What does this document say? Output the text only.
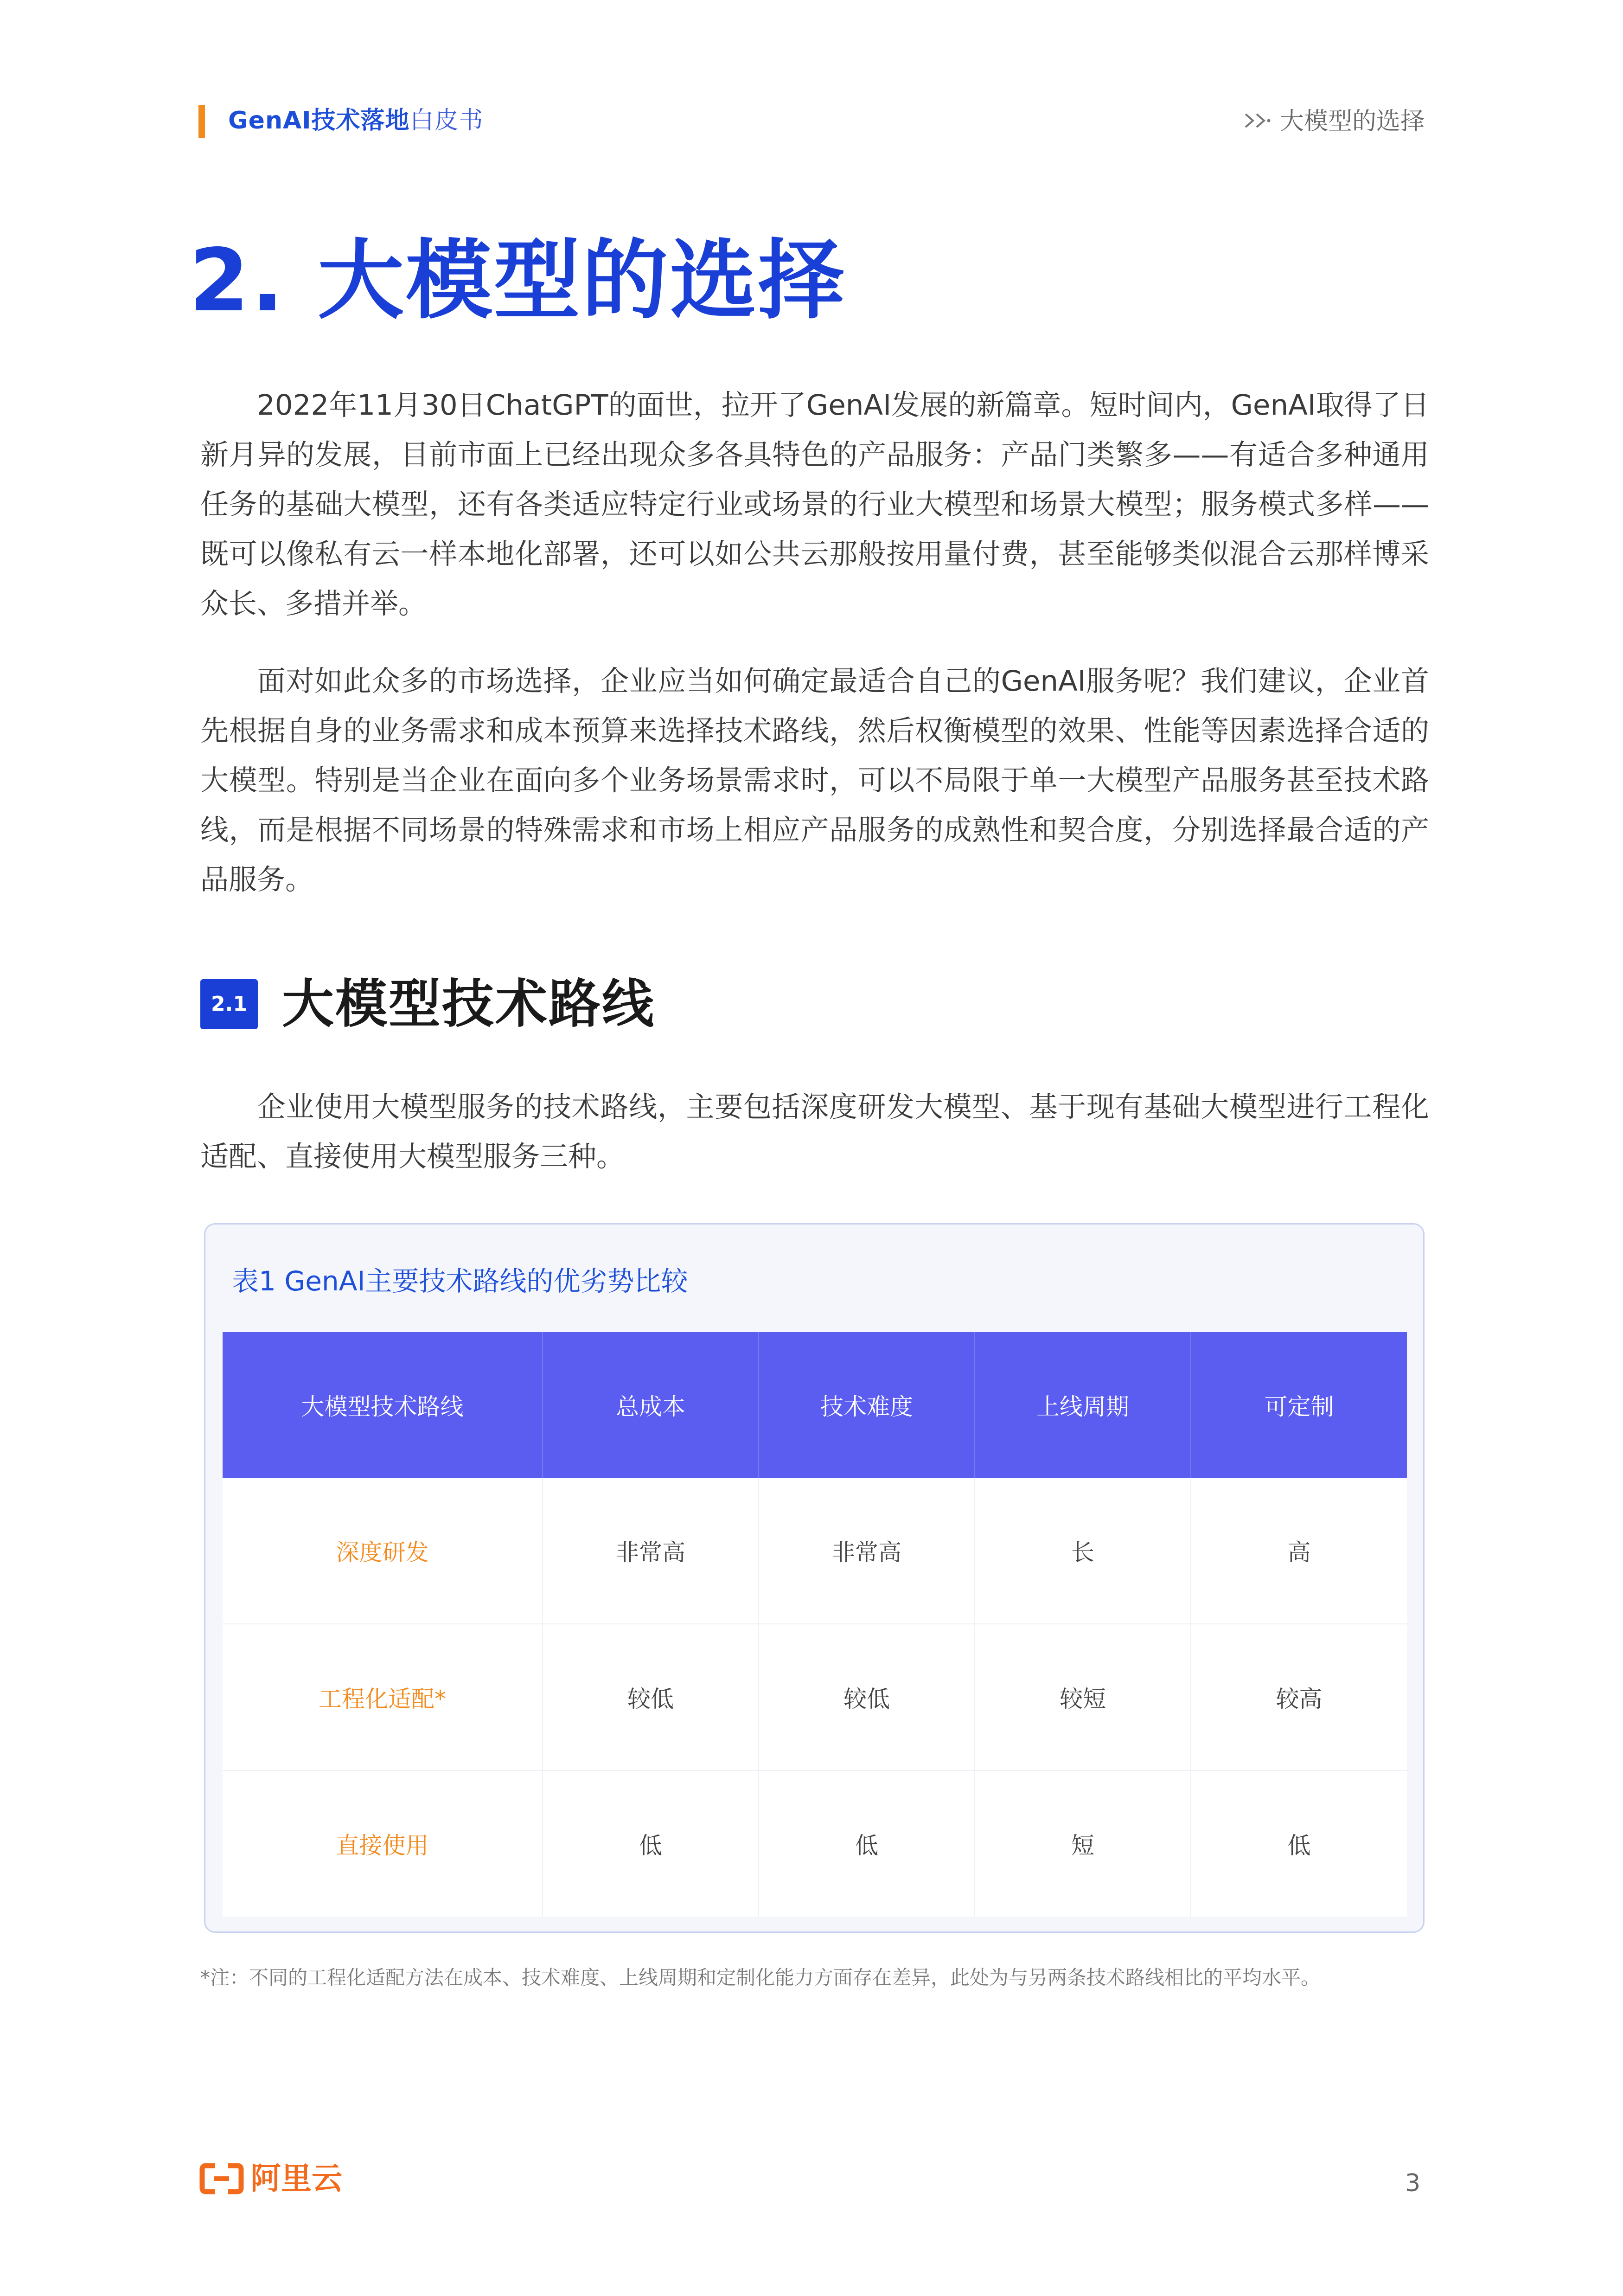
GenAI技术落地白皮书	大模型的选择
2. 大模型的选择

2022年11月30日ChatGPT的面世，拉开了GenAI发展的新篇章。短时间内，GenAI取得了日新月异的发展，目前市面上已经出现众多各具特色的产品服务：产品门类繁多——有适合多种通用任务的基础大模型，还有各类适应特定行业或场景的行业大模型和场景大模型；服务模式多样——既可以像私有云一样本地化部署，还可以如公共云那般按用量付费，甚至能够类似混合云那样博采众长、多措并举。

面对如此众多的市场选择，企业应当如何确定最适合自己的GenAI服务呢？我们建议，企业首先根据自身的业务需求和成本预算来选择技术路线，然后权衡模型的效果、性能等因素选择合适的大模型。特别是当企业在面向多个业务场景需求时，可以不局限于单一大模型产品服务甚至技术路线，而是根据不同场景的特殊需求和市场上相应产品服务的成熟性和契合度，分别选择最合适的产品服务。

2.1 大模型技术路线

企业使用大模型服务的技术路线，主要包括深度研发大模型、基于现有基础大模型进行工程化适配、直接使用大模型服务三种。

表1 GenAI主要技术路线的优劣势比较
大模型技术路线	总成本	技术难度	上线周期	可定制
深度研发	非常高	非常高	长	高
工程化适配*	较低	较低	较短	较高
直接使用	低	低	短	低
*注：不同的工程化适配方法在成本、技术难度、上线周期和定制化能力方面存在差异，此处为与另两条技术路线相比的平均水平。
阿里云	3
